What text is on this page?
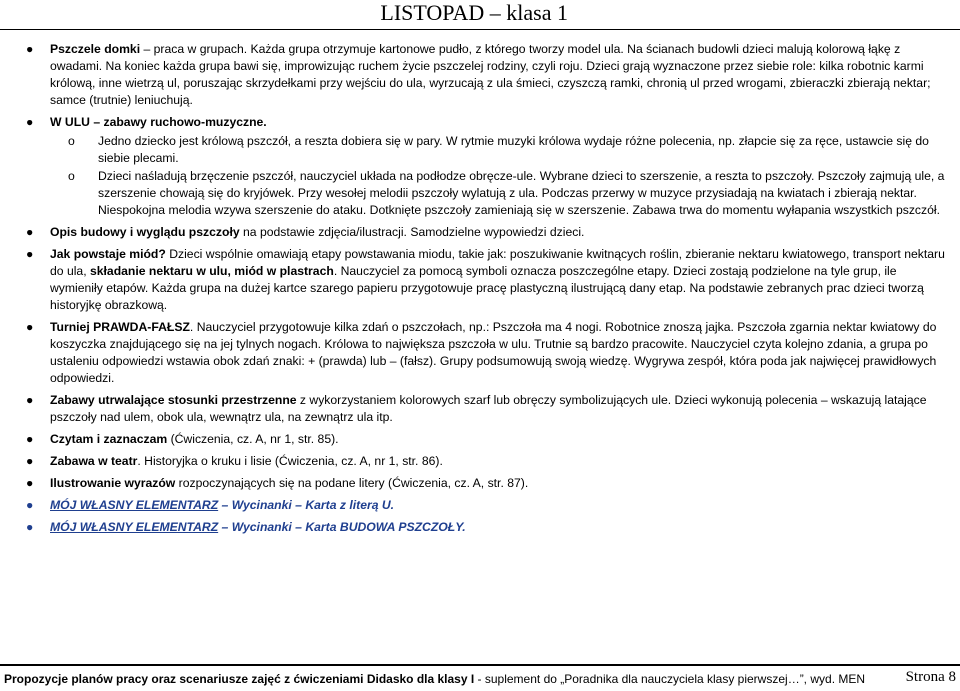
LISTOPAD – klasa 1
● Pszczele domki – praca w grupach. Każda grupa otrzymuje kartonowe pudło, z którego tworzy model ula. Na ścianach budowli dzieci malują kolorową łąkę z owadami. Na koniec każda grupa bawi się, improwizując ruchem życie pszczelej rodziny, czyli roju. Dzieci grają wyznaczone przez siebie role: kilka robotnic karmi królową, inne wietrzą ul, poruszając skrzydełkami przy wejściu do ula, wyrzucają z ula śmieci, czyszczą ramki, chronią ul przed wrogami, zbieraczki zbierają nektar; samce (trutnie) leniuchują.
● W ULU – zabawy ruchowo-muzyczne.
o Jedno dziecko jest królową pszczół, a reszta dobiera się w pary. W rytmie muzyki królowa wydaje różne polecenia, np. złapcie się za ręce, ustawcie się do siebie plecami.
o Dzieci naśladują brzęczenie pszczół, nauczyciel układa na podłodze obręcze-ule. Wybrane dzieci to szerszenie, a reszta to pszczoły. Pszczoły zajmują ule, a szerszenie chowają się do kryjówek. Przy wesołej melodii pszczoły wylatują z ula. Podczas przerwy w muzyce przysiadają na kwiatach i zbierają nektar. Niespokojna melodia wzywa szerszenie do ataku. Dotknięte pszczoły zamieniają się w szerszenie. Zabawa trwa do momentu wyłapania wszystkich pszczół.
● Opis budowy i wyglądu pszczoły na podstawie zdjęcia/ilustracji. Samodzielne wypowiedzi dzieci.
● Jak powstaje miód? Dzieci wspólnie omawiają etapy powstawania miodu, takie jak: poszukiwanie kwitnących roślin, zbieranie nektaru kwiatowego, transport nektaru do ula, składanie nektaru w ulu, miód w plastrach. Nauczyciel za pomocą symboli oznacza poszczególne etapy. Dzieci zostają podzielone na tyle grup, ile wymieniły etapów. Każda grupa na dużej kartce szarego papieru przygotowuje pracę plastyczną ilustrującą dany etap. Na podstawie zebranych prac dzieci tworzą historyjkę obrazkową.
● Turniej PRAWDA-FAŁSZ. Nauczyciel przygotowuje kilka zdań o pszczołach, np.: Pszczoła ma 4 nogi. Robotnice znoszą jajka. Pszczoła zgarnia nektar kwiatowy do koszyczka znajdującego się na jej tylnych nogach. Królowa to największa pszczoła w ulu. Trutnie są bardzo pracowite. Nauczyciel czyta kolejno zdania, a grupa po ustaleniu odpowiedzi wstawia obok zdań znaki: + (prawda) lub – (fałsz). Grupy podsumowują swoją wiedzę. Wygrywa zespół, która poda jak najwięcej prawidłowych odpowiedzi.
● Zabawy utrwalające stosunki przestrzenne z wykorzystaniem kolorowych szarf lub obręczy symbolizujących ule. Dzieci wykonują polecenia – wskazują latające pszczoły nad ulem, obok ula, wewnątrz ula, na zewnątrz ula itp.
● Czytam i zaznaczam (Ćwiczenia, cz. A, nr 1, str. 85).
● Zabawa w teatr. Historyjka o kruku i lisie (Ćwiczenia, cz. A, nr 1, str. 86).
● Ilustrowanie wyrazów rozpoczynających się na podane litery (Ćwiczenia, cz. A, str. 87).
● MÓJ WŁASNY ELEMENTARZ – Wycinanki – Karta z literą U.
● MÓJ WŁASNY ELEMENTARZ – Wycinanki – Karta BUDOWA PSZCZOŁY.
Propozycje planów pracy oraz scenariusze zajęć z ćwiczeniami Didasko dla klasy I - suplement do „Poradnika dla nauczyciela klasy pierwszej…”, wyd. MEN	Strona 8
